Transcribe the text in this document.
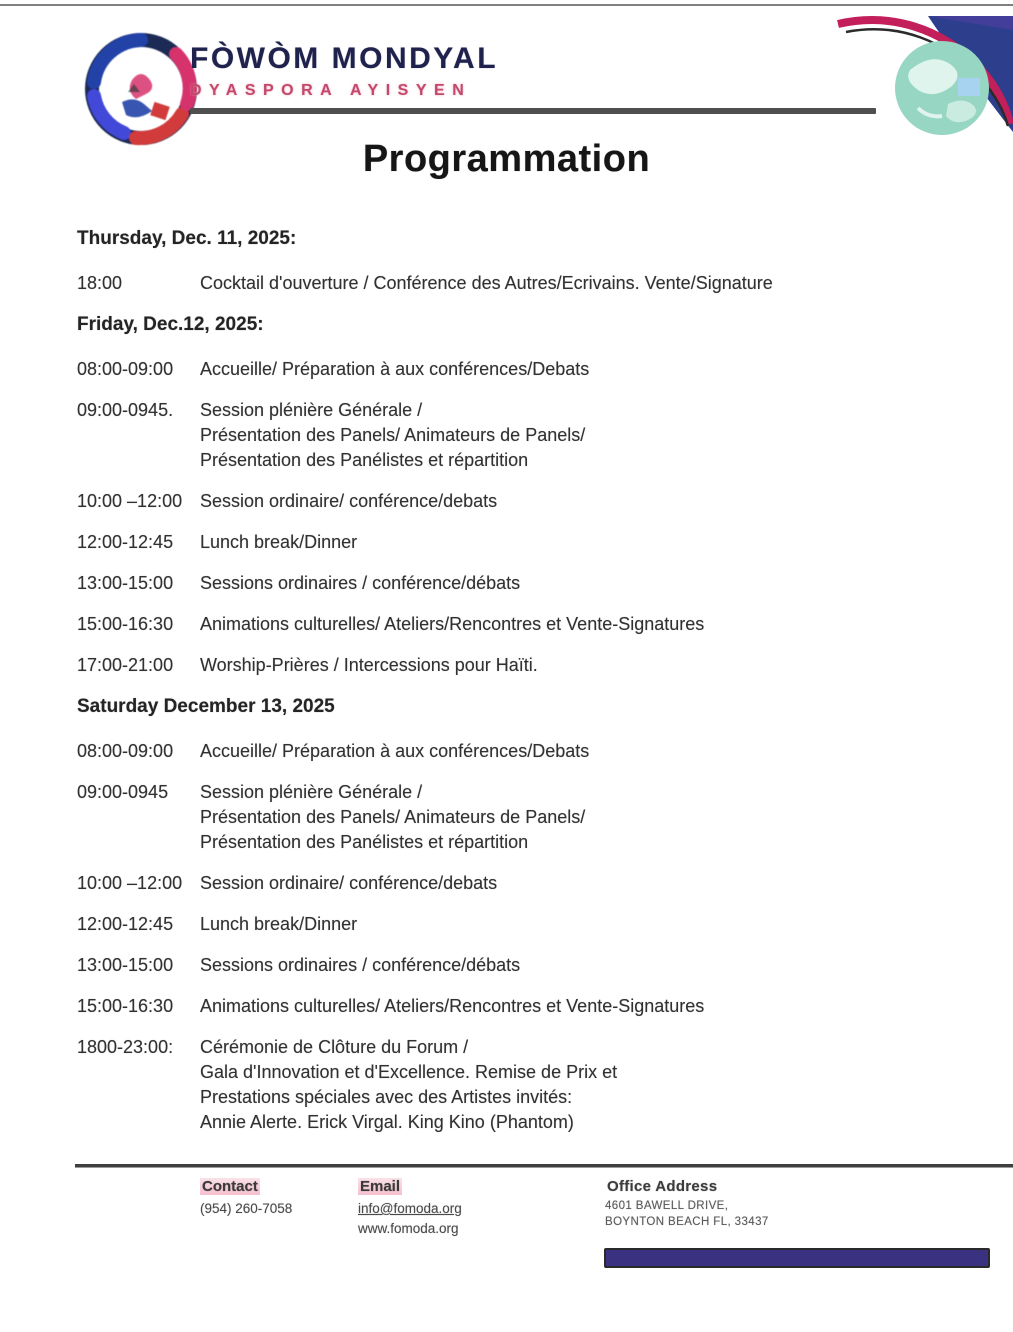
FÒWÒM MONDYAL
DYASPORA AYISYEN
Programmation
Thursday, Dec. 11, 2025:
18:00	Cocktail d'ouverture / Conférence des Autres/Ecrivains. Vente/Signature
Friday, Dec.12, 2025:
08:00-09:00	Accueille/ Préparation à aux conférences/Debats
09:00-0945.	Session plénière Générale /
Présentation des Panels/ Animateurs de Panels/
Présentation des Panélistes et répartition
10:00 –12:00 Session ordinaire/ conférence/debats
12:00-12:45	Lunch break/Dinner
13:00-15:00	Sessions ordinaires / conférence/débats
15:00-16:30	Animations culturelles/ Ateliers/Rencontres et Vente-Signatures
17:00-21:00	Worship-Prières / Intercessions pour Haïti.
Saturday December 13, 2025
08:00-09:00	Accueille/ Préparation à aux conférences/Debats
09:00-0945	Session plénière Générale /
Présentation des Panels/ Animateurs de Panels/
Présentation des Panélistes et répartition
10:00 –12:00 Session ordinaire/ conférence/debats
12:00-12:45	Lunch break/Dinner
13:00-15:00	Sessions ordinaires / conférence/débats
15:00-16:30	Animations culturelles/ Ateliers/Rencontres et Vente-Signatures
1800-23:00:	Cérémonie de Clôture du Forum /
Gala d'Innovation et d'Excellence. Remise de Prix et
Prestations spéciales avec des Artistes invités:
Annie Alerte. Erick Virgal. King Kino (Phantom)
Contact
(954) 260-7058
Email
info@fomoda.org
www.fomoda.org
Office Address
4601 BAWELL DRIVE,
BOYNTON BEACH FL, 33437
